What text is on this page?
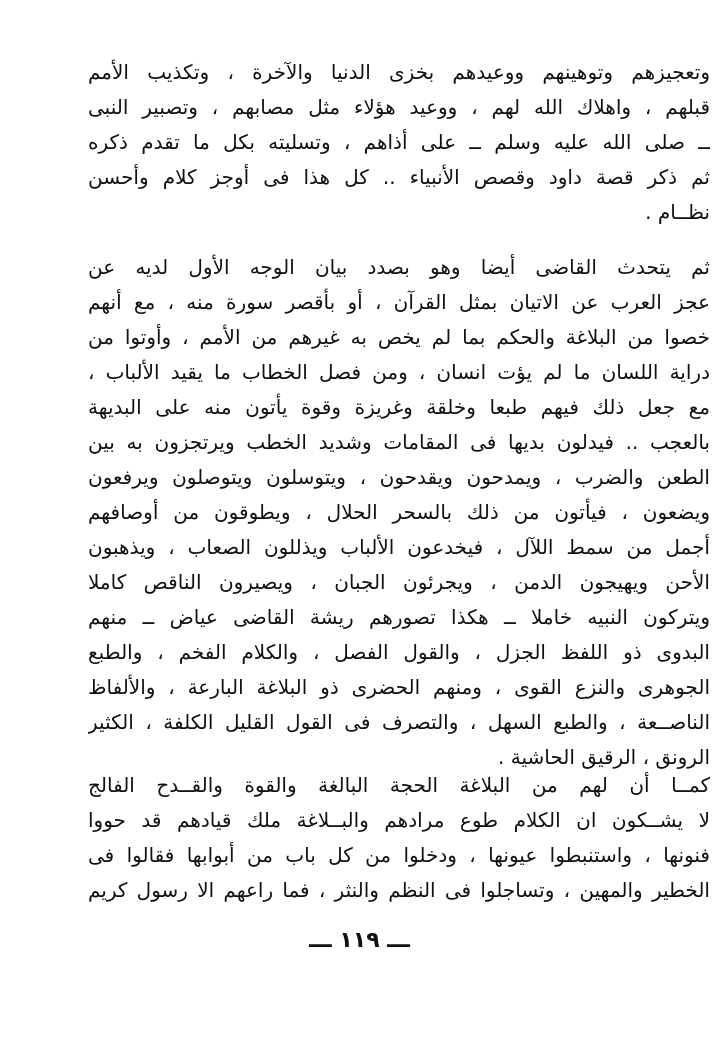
وتعجيزهم وتوهينهم ووعيدهم بخزى الدنيا والآخرة ، وتكذيب الأمم
قبلهم ، واهلاك الله لهم ، ووعيد هؤلاء مثل مصابهم ، وتصبير النبى
ــ صلى الله عليه وسلم ــ على أذاهم ، وتسليته بكل ما تقدم ذكره
ثم ذكر قصة داود وقصص الأنبياء .. كل هذا فى أوجز كلام وأحسن
نظــام .
ثم يتحدث القاضى أيضا وهو بصدد بيان الوجه الأول لديه عن
عجز العرب عن الاتيان بمثل القرآن ، أو بأقصر سورة منه ، مع أنهم
خصوا من البلاغة والحكم بما لم يخص به غيرهم من الأمم ، وأوتوا من
دراية اللسان ما لم يؤت انسان ، ومن فصل الخطاب ما يقيد الألباب ،
مع جعل ذلك فيهم طبعا وخلقة وغريزة وقوة يأتون منه على البديهة
بالعجب .. فيدلون بديها فى المقامات وشديد الخطب ويرتجزون به بين
الطعن والضرب ، ويمدحون ويقدحون ، ويتوسلون ويتوصلون ويرفعون
ويضعون ، فيأتون من ذلك بالسحر الحلال ، ويطوقون من أوصافهم
أجمل من سمط اللآل ، فيخدعون الألباب ويذللون الصعاب ، ويذهبون
الأحن ويهيجون الدمن ، ويجرئون الجبان ، ويصيرون الناقص كاملا
ويتركون النبيه خاملا ــ هكذا تصورهم ريشة القاضى عياض ــ منهم
البدوى ذو اللفظ الجزل ، والقول الفصل ، والكلام الفخم ، والطبع
الجوهرى والنزع القوى ، ومنهم الحضرى ذو البلاغة البارعة ، والألفاظ
الناصــعة ، والطبع السهل ، والتصرف فى القول القليل الكلفة ، الكثير
الرونق ، الرقيق الحاشية .
كمــا أن لهم من البلاغة الحجة البالغة والقوة والقــدح الفالج
لا يشــكون ان الكلام طوع مرادهم والبــلاغة ملك قيادهم قد حووا
فنونها ، واستنبطوا عيونها ، ودخلوا من كل باب من أبوابها فقالوا فى
الخطير والمهين ، وتساجلوا فى النظم والنثر ، فما راعهم الا رسول كريم
ـــ ١١٩ ـــ
